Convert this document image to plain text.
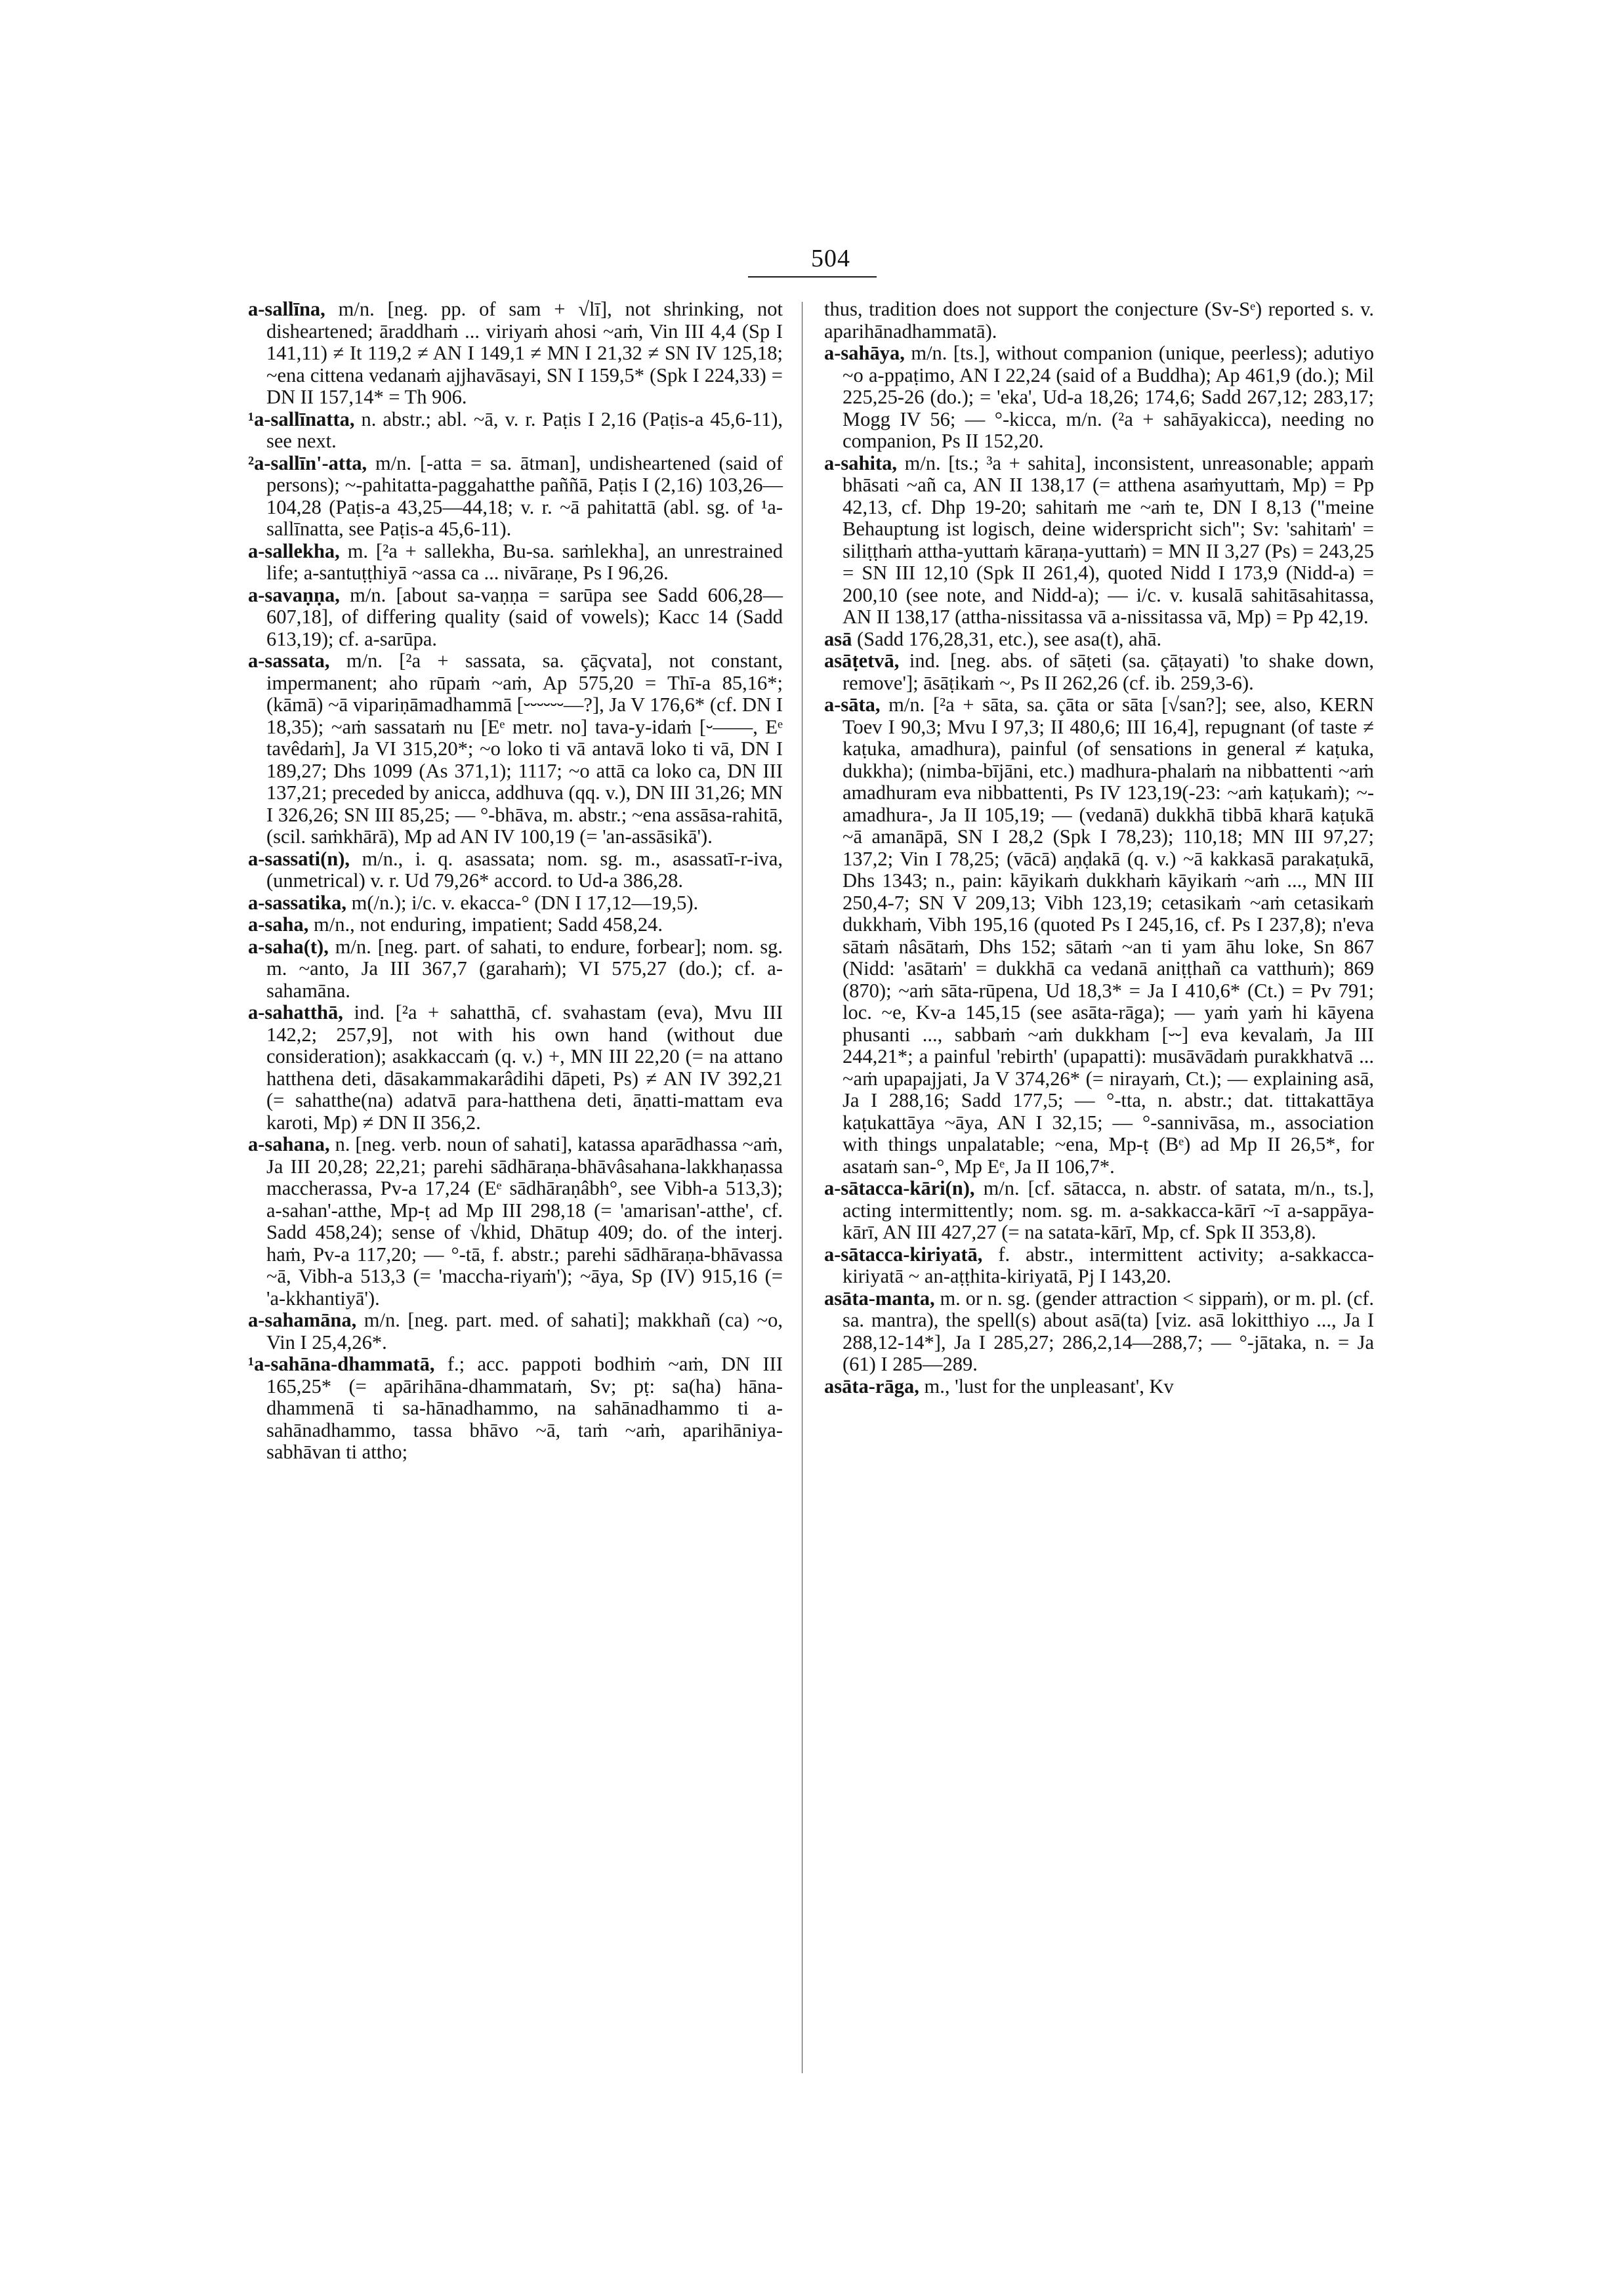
504

a-sallīna, m/n. [neg. pp. of sam + √lī], not shrinking, not disheartened; āraddhaṁ ... viriyaṁ ahosi ~aṁ, Vin III 4,4 (Sp I 141,11) ≠ It 119,2 ≠ AN I 149,1 ≠ MN I 21,32 ≠ SN IV 125,18; ~ena cittena vedanaṁ ajjhavāsayi, SN I 159,5* (Spk I 224,33) = DN II 157,14* = Th 906.

¹a-sallīnatta, n. abstr.; abl. ~ā, v. r. Paṭis I 2,16 (Paṭis-a 45,6-11), see next.

²a-sallīn'-atta, m/n. [-atta = sa. ātman], undisheartened (said of persons); ~-pahitatta-paggahatthe paññā, Paṭis I (2,16) 103,26—104,28 (Paṭis-a 43,25—44,18; v. r. ~ā pahitattā (abl. sg. of ¹a-sallīnatta, see Paṭis-a 45,6-11).

a-sallekha, m. [²a + sallekha, Bu-sa. saṁlekha], an unrestrained life; a-santuṭṭhiyā ~assa ca ... nivāraṇe, Ps I 96,26.

a-savaṇṇa, m/n. [about sa-vaṇṇa = sarūpa see Sadd 606,28—607,18], of differing quality (said of vowels); Kacc 14 (Sadd 613,19); cf. a-sarūpa.

a-sassata, m/n. [²a + sassata, sa. çāçvata], not constant, impermanent; aho rūpaṁ ~aṁ, Ap 575,20 = Thī-a 85,16*; (kāmā) ~ā vipariṇāmadhammā [⏑⏑⏑⏑⏑⏑—?], Ja V 176,6* (cf. DN I 18,35); ~aṁ sassataṁ nu [Eᵉ metr. no] tava-y-idaṁ [⏑——, Eᵉ tavêdaṁ], Ja VI 315,20*; ~o loko ti vā antavā loko ti vā, DN I 189,27; Dhs 1099 (As 371,1); 1117; ~o attā ca loko ca, DN III 137,21; preceded by anicca, addhuva (qq. v.), DN III 31,26; MN I 326,26; SN III 85,25; — °-bhāva, m. abstr.; ~ena assāsa-rahitā, (scil. saṁkhārā), Mp ad AN IV 100,19 (= 'an-assāsikā').

a-sassati(n), m/n., i. q. asassata; nom. sg. m., asassatī-r-iva, (unmetrical) v. r. Ud 79,26* accord. to Ud-a 386,28.

a-sassatika, m(/n.); i/c. v. ekacca-° (DN I 17,12—19,5).

a-saha, m/n., not enduring, impatient; Sadd 458,24.

a-saha(t), m/n. [neg. part. of sahati, to endure, forbear]; nom. sg. m. ~anto, Ja III 367,7 (garahaṁ); VI 575,27 (do.); cf. a-sahamāna.

a-sahatthā, ind. [²a + sahatthā, cf. svahastam (eva), Mvu III 142,2; 257,9], not with his own hand (without due consideration); asakkaccaṁ (q. v.) +, MN III 22,20 (= na attano hatthena deti, dāsakammakarâdihi dāpeti, Ps) ≠ AN IV 392,21 (= sahatthe(na) adatvā para-hatthena deti, āṇatti-mattam eva karoti, Mp) ≠ DN II 356,2.

a-sahana, n. [neg. verb. noun of sahati], katassa aparādhassa ~aṁ, Ja III 20,28; 22,21; parehi sādhāraṇa-bhāvâsahana-lakkhaṇassa maccherassa, Pv-a 17,24 (Eᵉ sādhāraṇâbh°, see Vibh-a 513,3); a-sahan'-atthe, Mp-ṭ ad Mp III 298,18 (= 'amarisan'-atthe', cf. Sadd 458,24); sense of √khid, Dhātup 409; do. of the interj. haṁ, Pv-a 117,20; — °-tā, f. abstr.; parehi sādhāraṇa-bhāvassa ~ā, Vibh-a 513,3 (= 'maccha-riyaṁ'); ~āya, Sp (IV) 915,16 (= 'a-kkhantiyā').

a-sahamāna, m/n. [neg. part. med. of sahati]; makkhañ (ca) ~o, Vin I 25,4,26*.

¹a-sahāna-dhammatā, f.; acc. pappoti bodhiṁ ~aṁ, DN III 165,25* (= apārihāna-dhammataṁ, Sv; pṭ: sa(ha) hāna-dhammenā ti sa-hānadhammo, na sahānadhammo ti a-sahānadhammo, tassa bhāvo ~ā, taṁ ~aṁ, aparihāniya-sabhāvan ti attho;

thus, tradition does not support the conjecture (Sv-Sᵉ) reported s. v. aparihānadhammatā).

a-sahāya, m/n. [ts.], without companion (unique, peerless); adutiyo ~o a-ppaṭimo, AN I 22,24 (said of a Buddha); Ap 461,9 (do.); Mil 225,25-26 (do.); = 'eka', Ud-a 18,26; 174,6; Sadd 267,12; 283,17; Mogg IV 56; — °-kicca, m/n. (²a + sahāyakicca), needing no companion, Ps II 152,20.

a-sahita, m/n. [ts.; ³a + sahita], inconsistent, unreasonable; appaṁ bhāsati ~añ ca, AN II 138,17 (= atthena asaṁyuttaṁ, Mp) = Pp 42,13, cf. Dhp 19-20; sahitaṁ me ~aṁ te, DN I 8,13 ("meine Behauptung ist logisch, deine widerspricht sich"; Sv: 'sahitaṁ' = siliṭṭhaṁ attha-yuttaṁ kāraṇa-yuttaṁ) = MN II 3,27 (Ps) = 243,25 = SN III 12,10 (Spk II 261,4), quoted Nidd I 173,9 (Nidd-a) = 200,10 (see note, and Nidd-a); — i/c. v. kusalā sahitāsahitassa, AN II 138,17 (attha-nissitassa vā a-nissitassa vā, Mp) = Pp 42,19.

asā (Sadd 176,28,31, etc.), see asa(t), ahā.

asāṭetvā, ind. [neg. abs. of sāṭeti (sa. çāṭayati) 'to shake down, remove']; āsāṭikaṁ ~, Ps II 262,26 (cf. ib. 259,3-6).

a-sāta, m/n. [²a + sāta, sa. çāta or sāta [√san?]; see, also, KERN Toev I 90,3; Mvu I 97,3; II 480,6; III 16,4], repugnant (of taste ≠ kaṭuka, amadhura), painful (of sensations in general ≠ kaṭuka, dukkha); (nimba-bījāni, etc.) madhura-phalaṁ na nibbattenti ~aṁ amadhuram eva nibbattenti, Ps IV 123,19(-23: ~aṁ kaṭukaṁ); ~-amadhura-, Ja II 105,19; — (vedanā) dukkhā tibbā kharā kaṭukā ~ā amanāpā, SN I 28,2 (Spk I 78,23); 110,18; MN III 97,27; 137,2; Vin I 78,25; (vācā) aṇḍakā (q. v.) ~ā kakkasā parakaṭukā, Dhs 1343; n., pain: kāyikaṁ dukkhaṁ kāyikaṁ ~aṁ ..., MN III 250,4-7; SN V 209,13; Vibh 123,19; cetasikaṁ ~aṁ cetasikaṁ dukkhaṁ, Vibh 195,16 (quoted Ps I 245,16, cf. Ps I 237,8); n'eva sātaṁ nâsātaṁ, Dhs 152; sātaṁ ~an ti yam āhu loke, Sn 867 (Nidd: 'asātaṁ' = dukkhā ca vedanā aniṭṭhañ ca vatthuṁ); 869 (870); ~aṁ sāta-rūpena, Ud 18,3* = Ja I 410,6* (Ct.) = Pv 791; loc. ~e, Kv-a 145,15 (see asāta-rāga); — yaṁ yaṁ hi kāyena phusanti ..., sabbaṁ ~aṁ dukkham [⏑⏑] eva kevalaṁ, Ja III 244,21*; a painful 'rebirth' (upapatti): musāvādaṁ purakkhatvā ... ~aṁ upapajjati, Ja V 374,26* (= nirayaṁ, Ct.); — explaining asā, Ja I 288,16; Sadd 177,5; — °-tta, n. abstr.; dat. tittakattāya kaṭukattāya ~āya, AN I 32,15; — °-sannivāsa, m., association with things unpalatable; ~ena, Mp-ṭ (Bᵉ) ad Mp II 26,5*, for asataṁ san-°, Mp Eᵉ, Ja II 106,7*.

a-sātacca-kāri(n), m/n. [cf. sātacca, n. abstr. of satata, m/n., ts.], acting intermittently; nom. sg. m. a-sakkacca-kārī ~ī a-sappāya-kārī, AN III 427,27 (= na satata-kārī, Mp, cf. Spk II 353,8).

a-sātacca-kiriyatā, f. abstr., intermittent activity; a-sakkacca-kiriyatā ~ an-aṭṭhita-kiriyatā, Pj I 143,20.

asāta-manta, m. or n. sg. (gender attraction < sippaṁ), or m. pl. (cf. sa. mantra), the spell(s) about asā(ta) [viz. asā lokitthiyo ..., Ja I 288,12-14*], Ja I 285,27; 286,2,14—288,7; — °-jātaka, n. = Ja (61) I 285—289.

asāta-rāga, m., 'lust for the unpleasant', Kv
